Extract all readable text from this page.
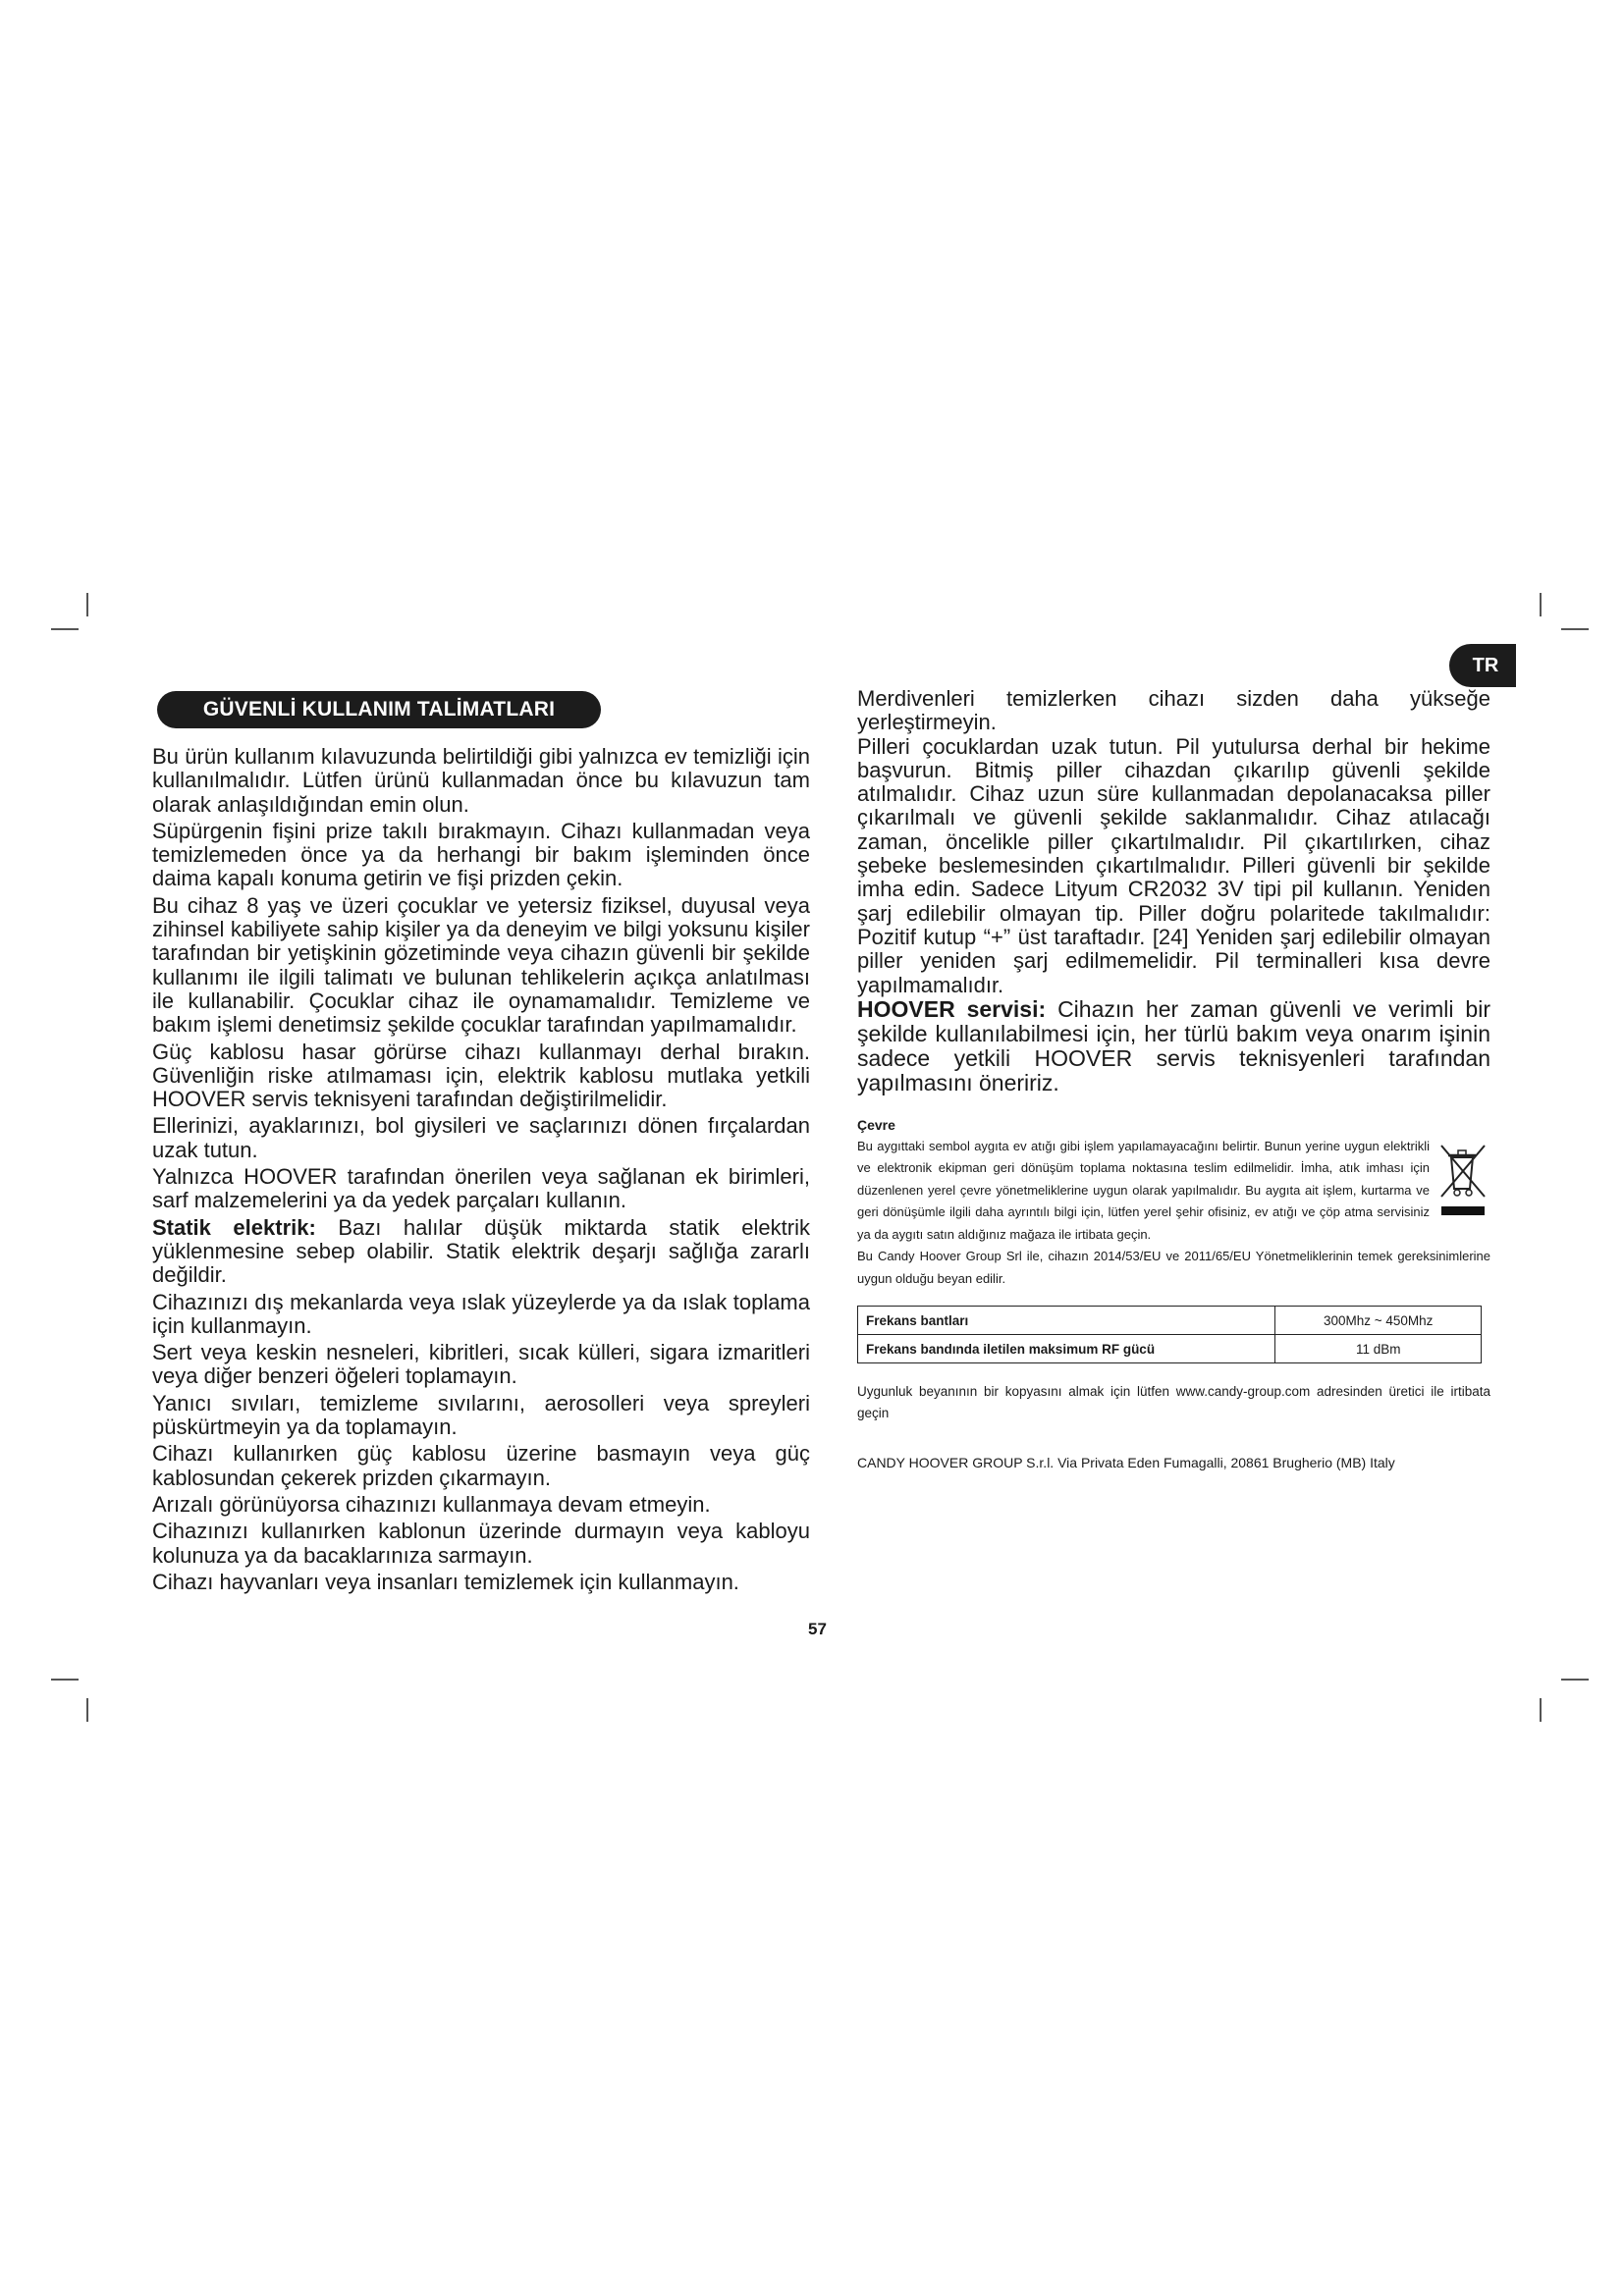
TR
GÜVENLİ KULLANIM TALİMATLARI

Bu ürün kullanım kılavuzunda belirtildiği gibi yalnızca ev temizliği için kullanılmalıdır. Lütfen ürünü kullanmadan önce bu kılavuzun tam olarak anlaşıldığından emin olun.

Süpürgenin fişini prize takılı bırakmayın. Cihazı kullanmadan veya temizlemeden önce ya da herhangi bir bakım işleminden önce daima kapalı konuma getirin ve fişi prizden çekin.

Bu cihaz 8 yaş ve üzeri çocuklar ve yetersiz fiziksel, duyusal veya zihinsel kabiliyete sahip kişiler ya da deneyim ve bilgi yoksunu kişiler tarafından bir yetişkinin gözetiminde veya cihazın güvenli bir şekilde kullanımı ile ilgili talimatı ve bulunan tehlikelerin açıkça anlatılması ile kullanabilir. Çocuklar cihaz ile oynamamalıdır. Temizleme ve bakım işlemi denetimsiz şekilde çocuklar tarafından yapılmamalıdır.

Güç kablosu hasar görürse cihazı kullanmayı derhal bırakın. Güvenliğin riske atılmaması için, elektrik kablosu mutlaka yetkili HOOVER servis teknisyeni tarafından değiştirilmelidir.

Ellerinizi, ayaklarınızı, bol giysileri ve saçlarınızı dönen fırçalardan uzak tutun.

Yalnızca HOOVER tarafından önerilen veya sağlanan ek birimleri, sarf malzemelerini ya da yedek parçaları kullanın.

Statik elektrik: Bazı halılar düşük miktarda statik elektrik yüklenmesine sebep olabilir. Statik elektrik deşarjı sağlığa zararlı değildir.

Cihazınızı dış mekanlarda veya ıslak yüzeylerde ya da ıslak toplama için kullanmayın.

Sert veya keskin nesneleri, kibritleri, sıcak külleri, sigara izmaritleri veya diğer benzeri öğeleri toplamayın.

Yanıcı sıvıları, temizleme sıvılarını, aerosolleri veya spreyleri püskürtmeyin ya da toplamayın.

Cihazı kullanırken güç kablosu üzerine basmayın veya güç kablosundan çekerek prizden çıkarmayın.

Arızalı görünüyorsa cihazınızı kullanmaya devam etmeyin.

Cihazınızı kullanırken kablonun üzerinde durmayın veya kabloyu kolunuza ya da bacaklarınıza sarmayın.

Cihazı hayvanları veya insanları temizlemek için kullanmayın.

Merdivenleri temizlerken cihazı sizden daha yükseğe yerleştirmeyin.

Pilleri çocuklardan uzak tutun. Pil yutulursa derhal bir hekime başvurun. Bitmiş piller cihazdan çıkarılıp güvenli şekilde atılmalıdır. Cihaz uzun süre kullanmadan depolanacaksa piller çıkarılmalı ve güvenli şekilde saklanmalıdır. Cihaz atılacağı zaman, öncelikle piller çıkartılmalıdır. Pil çıkartılırken, cihaz şebeke beslemesinden çıkartılmalıdır. Pilleri güvenli bir şekilde imha edin. Sadece Lityum CR2032 3V tipi pil kullanın. Yeniden şarj edilebilir olmayan tip. Piller doğru polaritede takılmalıdır: Pozitif kutup “+” üst taraftadır. [24] Yeniden şarj edilebilir olmayan piller yeniden şarj edilmemelidir. Pil terminalleri kısa devre yapılmamalıdır.

HOOVER servisi: Cihazın her zaman güvenli ve verimli bir şekilde kullanılabilmesi için, her türlü bakım veya onarım işinin sadece yetkili HOOVER servis teknisyenleri tarafından yapılmasını öneririz.

Çevre

Bu aygıttaki sembol aygıta ev atığı gibi işlem yapılamayacağını belirtir. Bunun yerine uygun elektrikli ve elektronik ekipman geri dönüşüm toplama noktasına teslim edilmelidir. İmha, atık imhası için düzenlenen yerel çevre yönetmeliklerine uygun olarak yapılmalıdır. Bu aygıta ait işlem, kurtarma ve geri dönüşümle ilgili daha ayrıntılı bilgi için, lütfen yerel şehir ofisiniz, ev atığı ve çöp atma servisiniz ya da aygıtı satın aldığınız mağaza ile irtibata geçin.

Bu Candy Hoover Group Srl ile, cihazın 2014/53/EU ve 2011/65/EU Yönetmeliklerinin temek gereksinimlerine uygun olduğu beyan edilir.

Frekans bantları	300Mhz ~ 450Mhz
Frekans bandında iletilen maksimum RF gücü	11 dBm

Uygunluk beyanının bir kopyasını almak için lütfen www.candy-group.com adresinden üretici ile irtibata geçin

CANDY HOOVER GROUP S.r.l. Via Privata Eden Fumagalli, 20861 Brugherio (MB) Italy

57
